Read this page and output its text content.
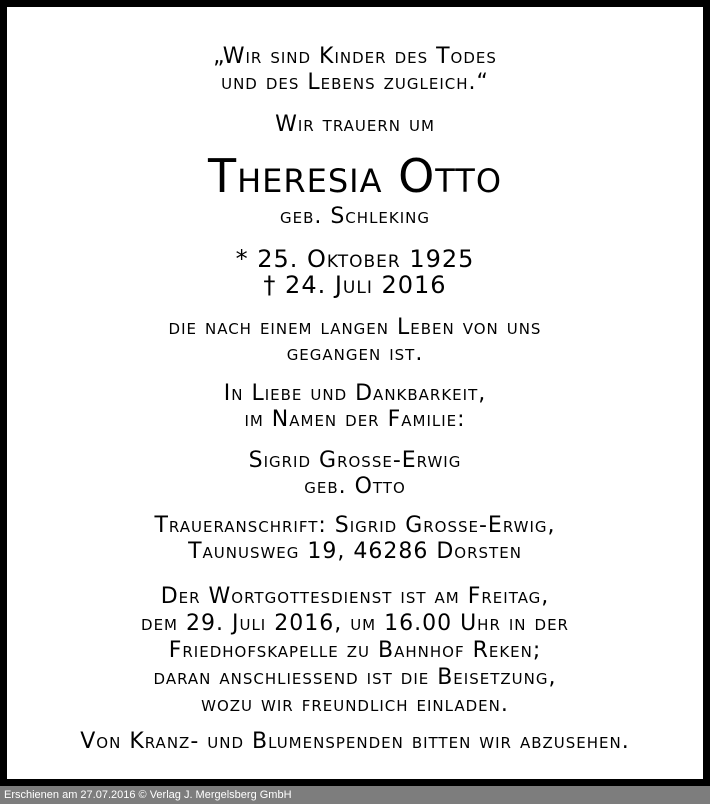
„Wir sind Kinder des Todes
und des Lebens zugleich.“
Wir trauern um
Theresia Otto
geb. Schleking
* 25. Oktober 1925
† 24. Juli 2016
die nach einem langen Leben von uns
gegangen ist.
In Liebe und Dankbarkeit,
im Namen der Familie:
Sigrid Grosse-Erwig
geb. Otto
Traueranschrift: Sigrid Grosse-Erwig,
Taunusweg 19, 46286 Dorsten
Der Wortgottesdienst ist am Freitag,
dem 29. Juli 2016, um 16.00 Uhr in der
Friedhofskapelle zu Bahnhof Reken;
daran anschliessend ist die Beisetzung,
wozu wir freundlich einladen.
Von Kranz- und Blumenspenden bitten wir abzusehen.
Erschienen am 27.07.2016 © Verlag J. Mergelsberg GmbH
